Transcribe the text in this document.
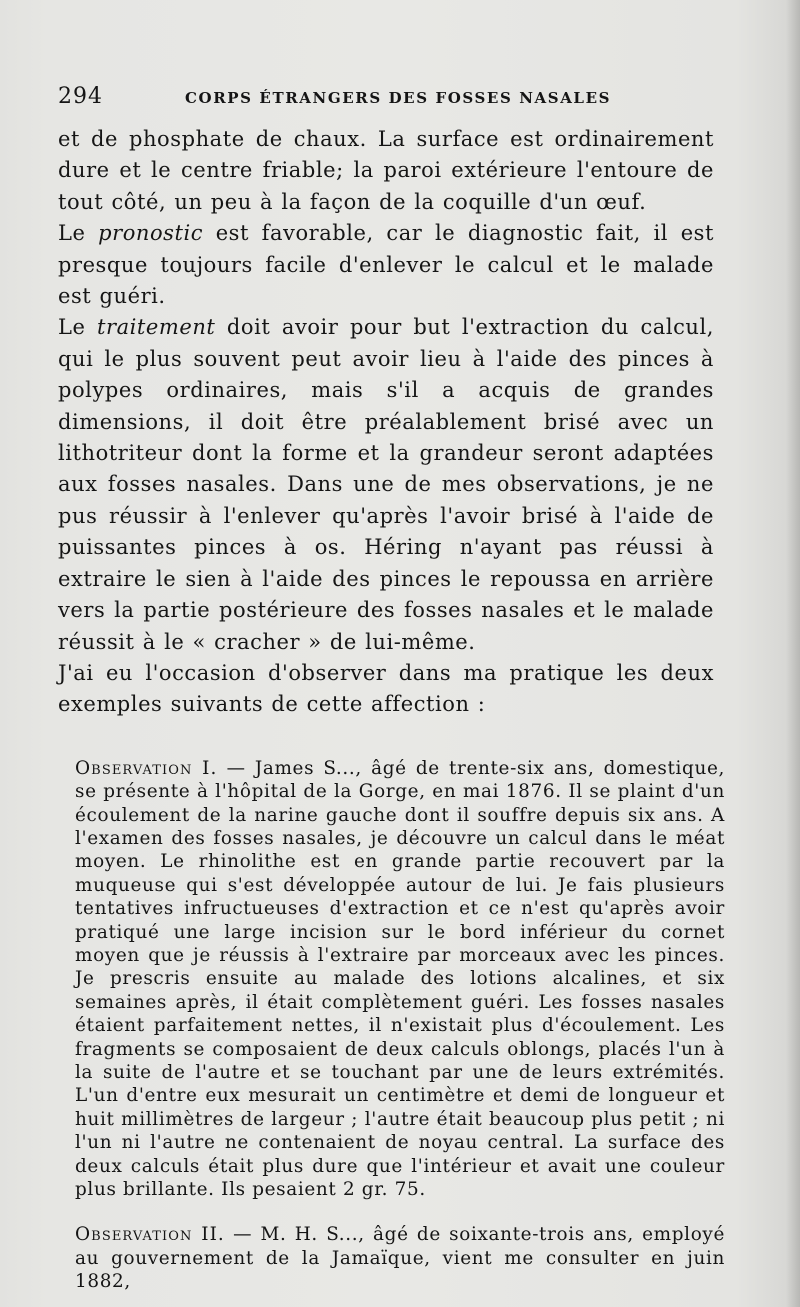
294	CORPS ÉTRANGERS DES FOSSES NASALES

et de phosphate de chaux. La surface est ordinairement dure et le centre friable; la paroi extérieure l'entoure de tout côté, un peu à la façon de la coquille d'un œuf.

Le pronostic est favorable, car le diagnostic fait, il est presque toujours facile d'enlever le calcul et le malade est guéri.

Le traitement doit avoir pour but l'extraction du calcul, qui le plus souvent peut avoir lieu à l'aide des pinces à polypes ordinaires, mais s'il a acquis de grandes dimensions, il doit être préalablement brisé avec un lithotriteur dont la forme et la grandeur seront adaptées aux fosses nasales. Dans une de mes observations, je ne pus réussir à l'enlever qu'après l'avoir brisé à l'aide de puissantes pinces à os. Héring n'ayant pas réussi à extraire le sien à l'aide des pinces le repoussa en arrière vers la partie postérieure des fosses nasales et le malade réussit à le « cracher » de lui-même.

J'ai eu l'occasion d'observer dans ma pratique les deux exemples suivants de cette affection :

Observation I. — James S..., âgé de trente-six ans, domestique, se présente à l'hôpital de la Gorge, en mai 1876. Il se plaint d'un écoulement de la narine gauche dont il souffre depuis six ans. A l'examen des fosses nasales, je découvre un calcul dans le méat moyen. Le rhinolithe est en grande partie recouvert par la muqueuse qui s'est développée autour de lui. Je fais plusieurs tentatives infructueuses d'extraction et ce n'est qu'après avoir pratiqué une large incision sur le bord inférieur du cornet moyen que je réussis à l'extraire par morceaux avec les pinces. Je prescris ensuite au malade des lotions alcalines, et six semaines après, il était complètement guéri. Les fosses nasales étaient parfaitement nettes, il n'existait plus d'écoulement. Les fragments se composaient de deux calculs oblongs, placés l'un à la suite de l'autre et se touchant par une de leurs extrémités. L'un d'entre eux mesurait un centimètre et demi de longueur et huit millimètres de largeur ; l'autre était beaucoup plus petit ; ni l'un ni l'autre ne contenaient de noyau central. La surface des deux calculs était plus dure que l'intérieur et avait une couleur plus brillante. Ils pesaient 2 gr. 75.

Observation II. — M. H. S..., âgé de soixante-trois ans, employé au gouvernement de la Jamaïque, vient me consulter en juin 1882,
